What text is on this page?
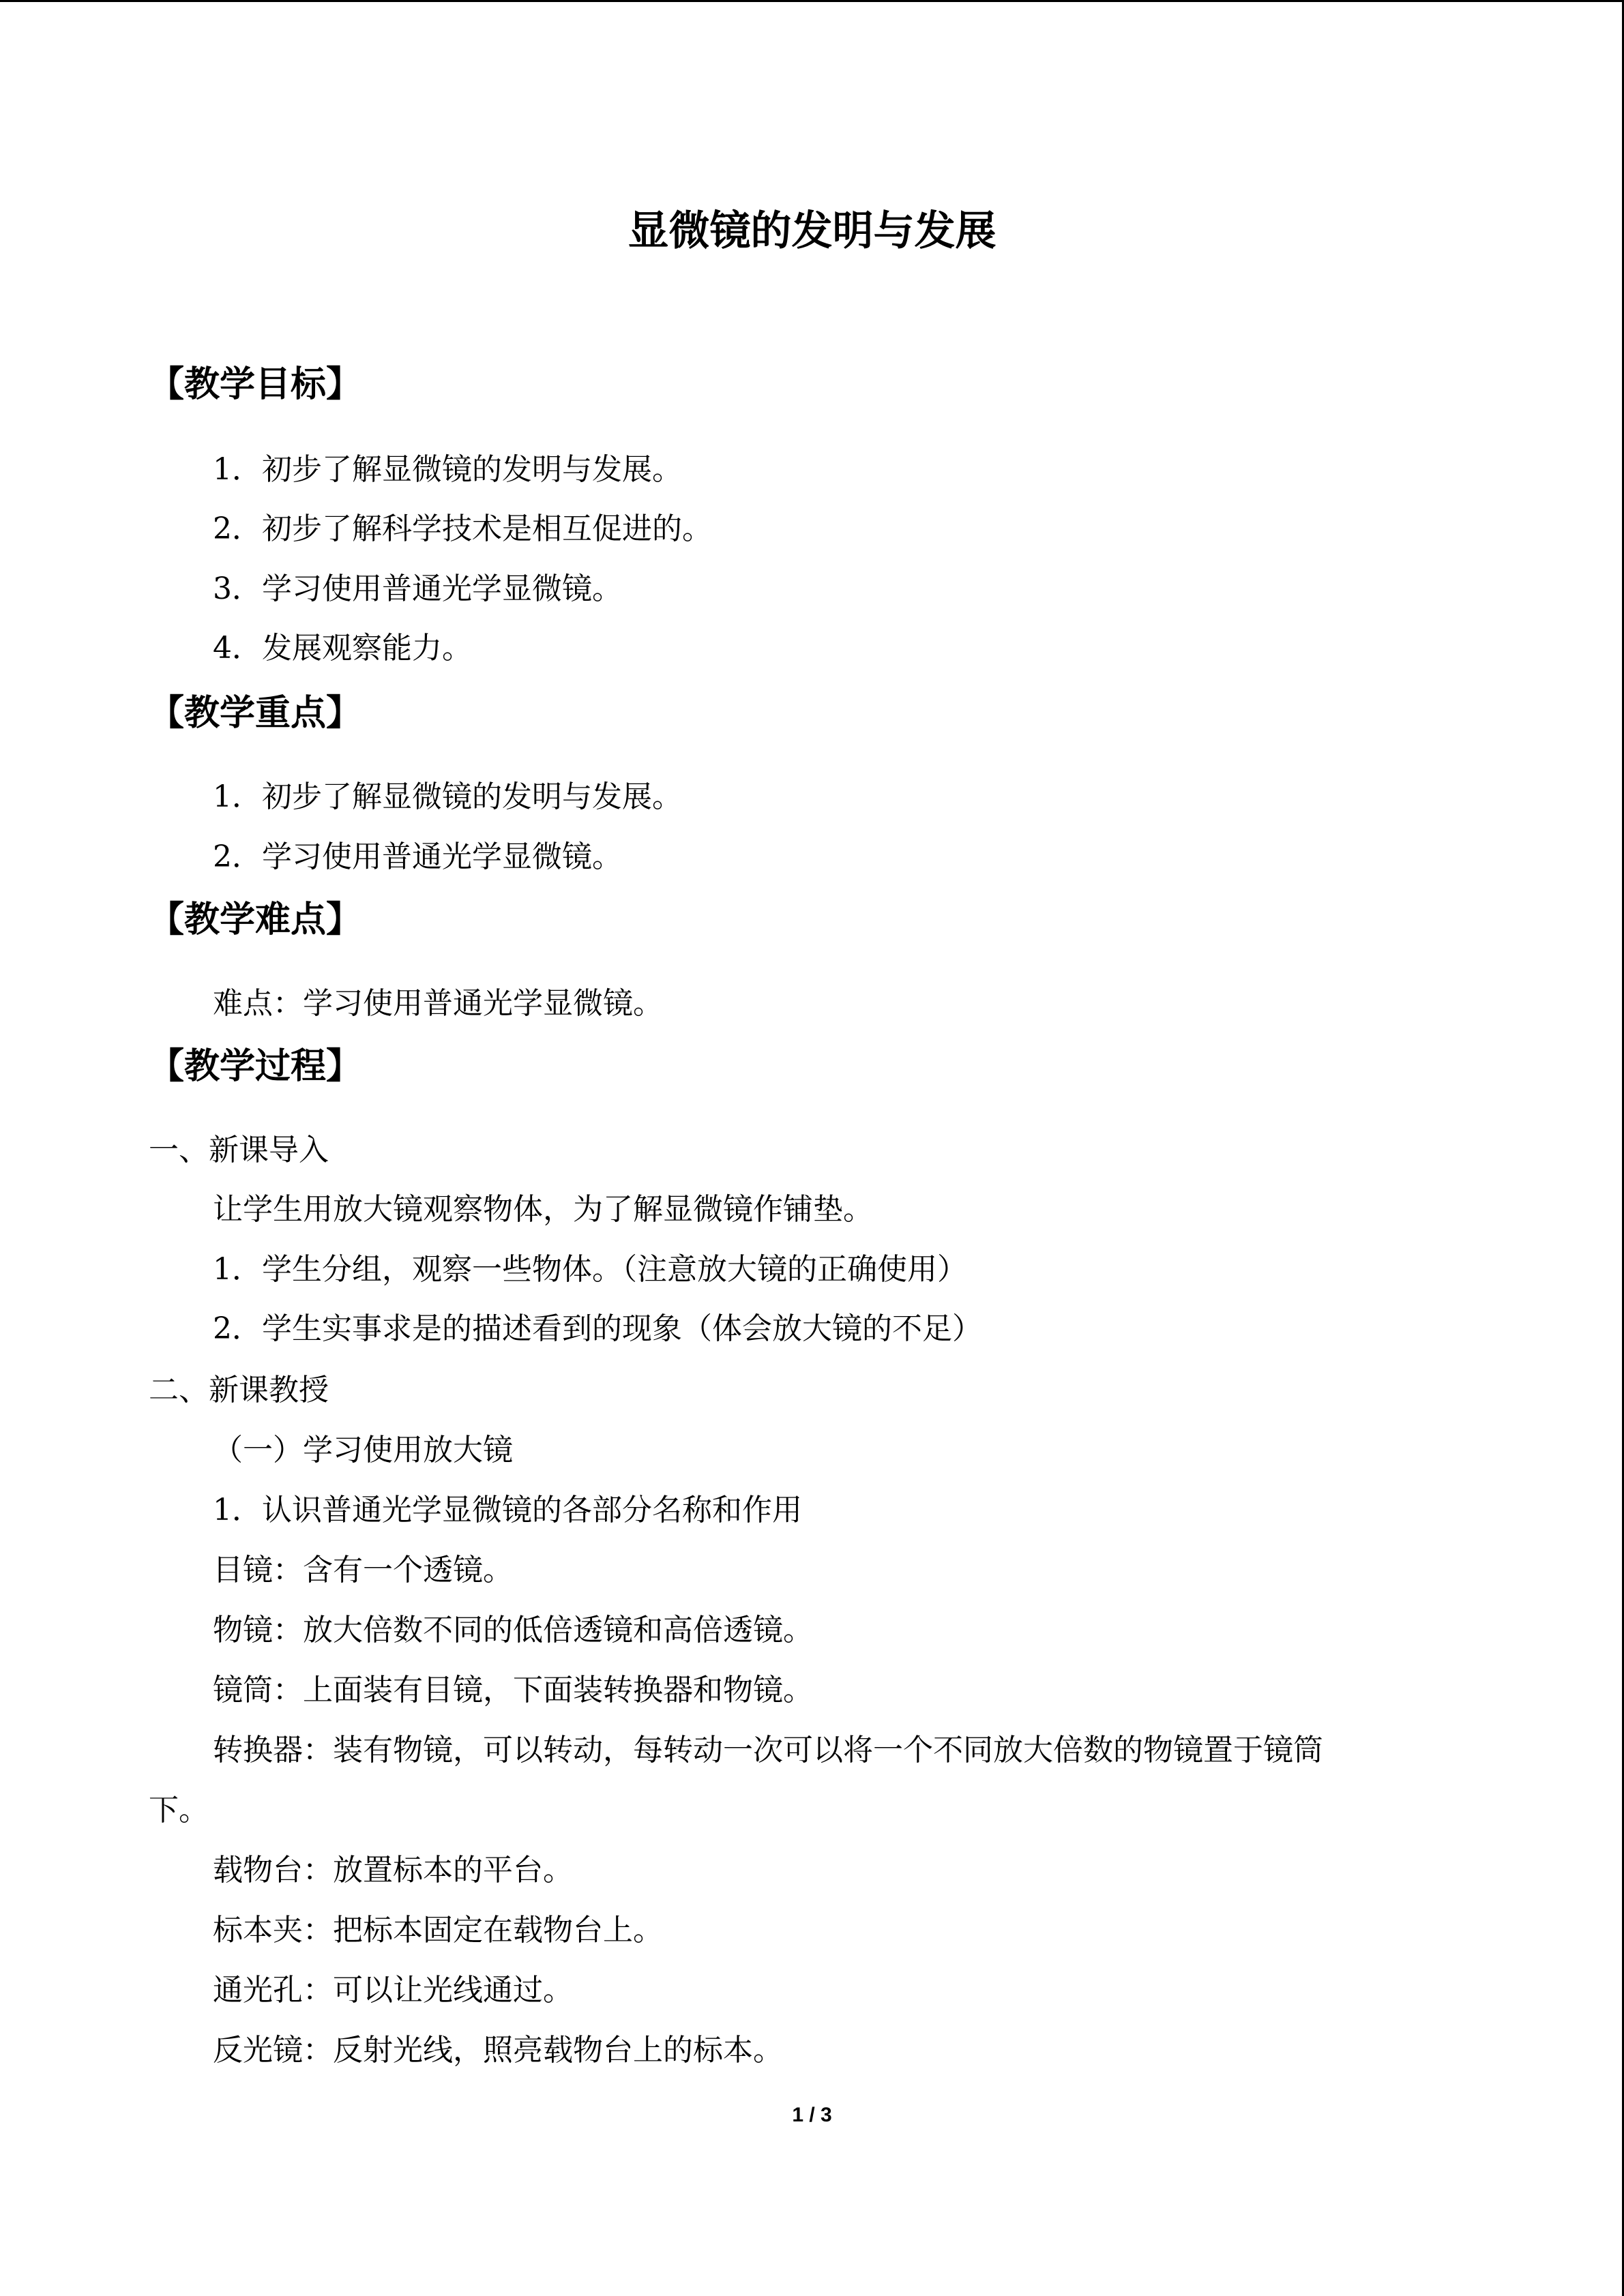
显微镜的发明与发展
【教学目标】
1．初步了解显微镜的发明与发展。
2．初步了解科学技术是相互促进的。
3．学习使用普通光学显微镜。
4．发展观察能力。
【教学重点】
1．初步了解显微镜的发明与发展。
2．学习使用普通光学显微镜。
【教学难点】
难点：学习使用普通光学显微镜。
【教学过程】
一、新课导入
让学生用放大镜观察物体，为了解显微镜作铺垫。
1．学生分组，观察一些物体。（注意放大镜的正确使用）
2．学生实事求是的描述看到的现象（体会放大镜的不足）
二、新课教授
（一）学习使用放大镜
1．认识普通光学显微镜的各部分名称和作用
目镜：含有一个透镜。
物镜：放大倍数不同的低倍透镜和高倍透镜。
镜筒：上面装有目镜，下面装转换器和物镜。
转换器：装有物镜，可以转动，每转动一次可以将一个不同放大倍数的物镜置于镜筒
下。
载物台：放置标本的平台。
标本夹：把标本固定在载物台上。
通光孔：可以让光线通过。
反光镜：反射光线，照亮载物台上的标本。
1 / 3
